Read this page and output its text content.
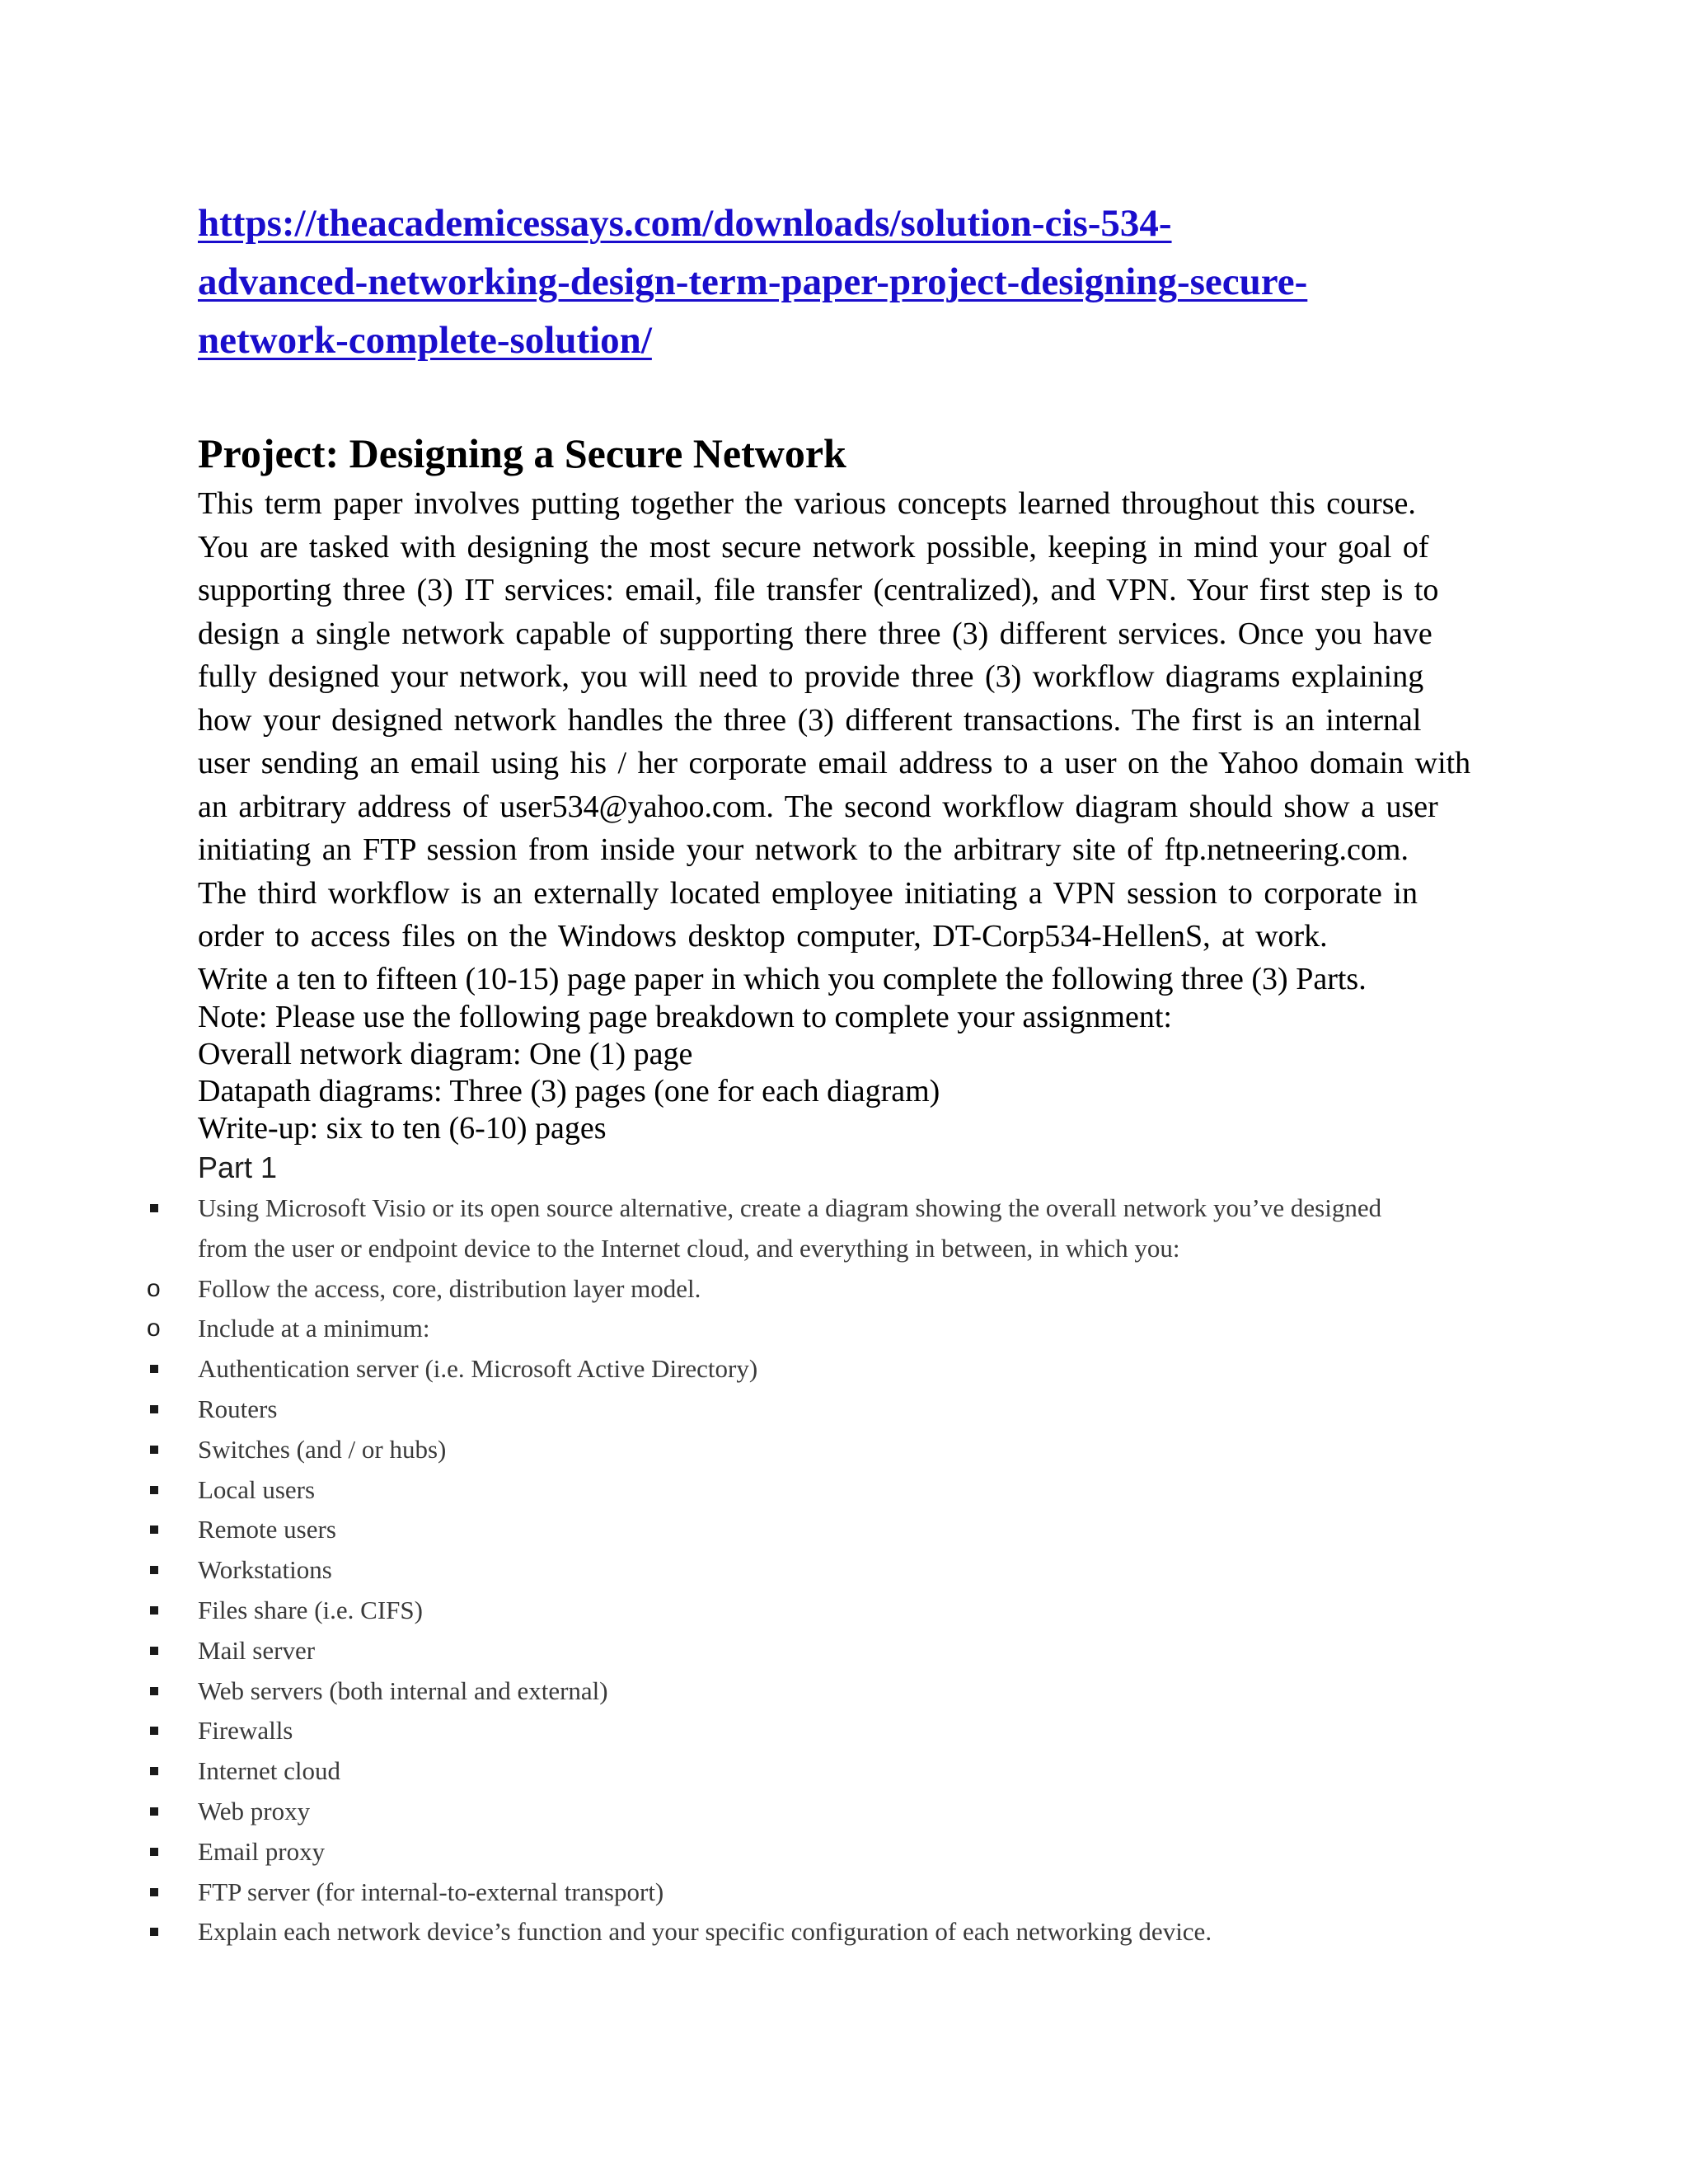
https://theacademicessays.com/downloads/solution-cis-534-
advanced-networking-design-term-paper-project-designing-secure-
network-complete-solution/
Project: Designing a Secure Network

This term paper involves putting together the various concepts learned throughout this course.
You are tasked with designing the most secure network possible, keeping in mind your goal of
supporting three (3) IT services: email, file transfer (centralized), and VPN. Your first step is to
design a single network capable of supporting there three (3) different services. Once you have
fully designed your network, you will need to provide three (3) workflow diagrams explaining
how your designed network handles the three (3) different transactions. The first is an internal
user sending an email using his / her corporate email address to a user on the Yahoo domain with
an arbitrary address of user534@yahoo.com. The second workflow diagram should show a user
initiating an FTP session from inside your network to the arbitrary site of ftp.netneering.com.
The third workflow is an externally located employee initiating a VPN session to corporate in
order to access files on the Windows desktop computer, DT-Corp534-HellenS, at work.

Write a ten to fifteen (10-15) page paper in which you complete the following three (3) Parts.
Note: Please use the following page breakdown to complete your assignment:
Overall network diagram: One (1) page
Datapath diagrams: Three (3) pages (one for each diagram)
Write-up: six to ten (6-10) pages

Part 1

Using Microsoft Visio or its open source alternative, create a diagram showing the overall network you’ve designed
from the user or endpoint device to the Internet cloud, and everything in between, in which you:
o Follow the access, core, distribution layer model.
o Include at a minimum:
Authentication server (i.e. Microsoft Active Directory)
Routers
Switches (and / or hubs)
Local users
Remote users
Workstations
Files share (i.e. CIFS)
Mail server
Web servers (both internal and external)
Firewalls
Internet cloud
Web proxy
Email proxy
FTP server (for internal-to-external transport)
Explain each network device’s function and your specific configuration of each networking device.
